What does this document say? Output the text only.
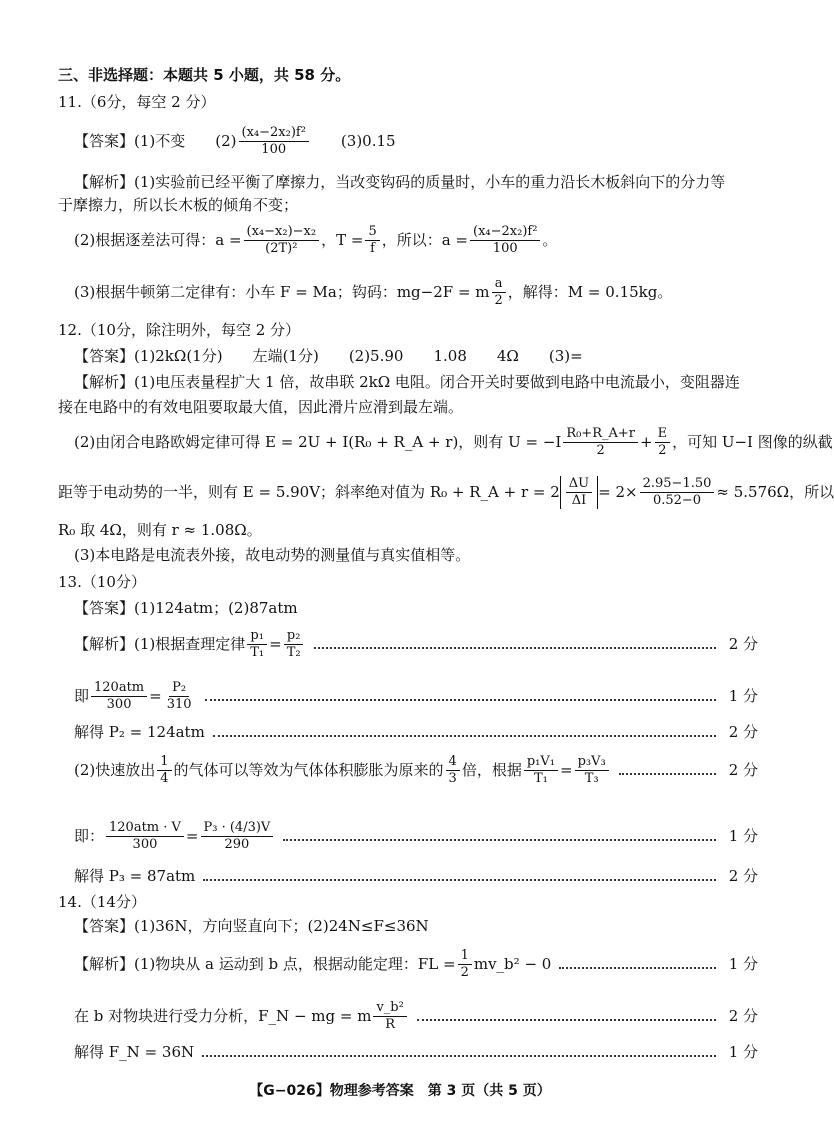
三、非选择题：本题共 5 小题，共 58 分。
11.（6分，每空 2 分）
【答案】(1)不变 $(2) \frac{\text{(x₄−2x₂)f²}}{100} (3)0.15$
【解析】(1)实验前已经平衡了摩擦力，当改变钩码的质量时，小车的重力沿长木板斜向下的分力等
于摩擦力，所以长木板的倾角不变；
(2)根据逐差法可得：$a = \frac{\text{(x₄−x₂)−x₂}}{\text{(2T)²}}$ ，$T = \frac{5}{f}$ ，所以：$a = \frac{\text{(x₄−2x₂)f²}}{100}$ 。
(3)根据牛顿第二定律有：小车 F = Ma；钩码：mg−2F = m $\frac{a}{2}$ ，解得：M = 0.15kg。
12.（10分，除注明外，每空 2 分）
【答案】(1)2kΩ(1分)　　左端(1分)　　(2)5.90　　1.08　　4Ω　　(3)=
【解析】(1)电压表量程扩大 1 倍，故串联 2kΩ 电阻。闭合开关时要做到电路中电流最小，变阻器连
接在电路中的有效电阻要取最大值，因此滑片应滑到最左端。
(2)由闭合电路欧姆定律可得 E = 2U + I(R₀ + R_A + r)，则有 $U = -I \frac{\text{R₀+R\_A+r}}{2} + \frac{E}{2}$ ，可知 U−I 图像的纵截
距等于电动势的一半，则有 E = 5.90V；斜率绝对值为 R₀ + R_A + $r = 2 \frac{\Delta U}{\Delta I} = 2\times \frac{2.95-1.50}{0.52-0} \approx 5.576\Omega$，所以
R₀ 取 4Ω，则有 r ≈ 1.08Ω。
(3)本电路是电流表外接，故电动势的测量值与真实值相等。
13.（10分）
【答案】(1)124atm；(2)87atm
【解析】(1)根据查理定律 $\frac{\text{p₁}}{\text{T₁}} = \frac{\text{p₂}}{\text{T₂}}$	2 分
即 $\frac{\text{120atm}}{300} = \frac{\text{P₂}}{310}$	1 分
解得 P₂ = 124atm	2 分
(2)快速放出 $\frac{1}{4}$ 的气体可以等效为气体体积膨胀为原来的 $\frac{4}{3}$ 倍，根据 $\frac{\text{p₁V₁}}{\text{T₁}} = \frac{\text{p₃V₃}}{\text{T₃}}$	2 分
即： $\frac{\text{120atm · V}}{300} = \frac{\text{P₃ · (4/3)V}}{290}$	1 分
解得 P₃ = 87atm	2 分
14.（14分）
【答案】(1)36N，方向竖直向下；(2)24N≤F≤36N
【解析】(1)物块从 a 运动到 b 点，根据动能定理：FL = $\frac{1}{2}$ mv_b² − 0	1 分
在 b 对物块进行受力分析，F_N − mg = m $\frac{\text{v\_b²}}{R}$	2 分
解得 F_N = 36N	1 分
【G−026】物理参考答案　第 3 页（共 5 页）
